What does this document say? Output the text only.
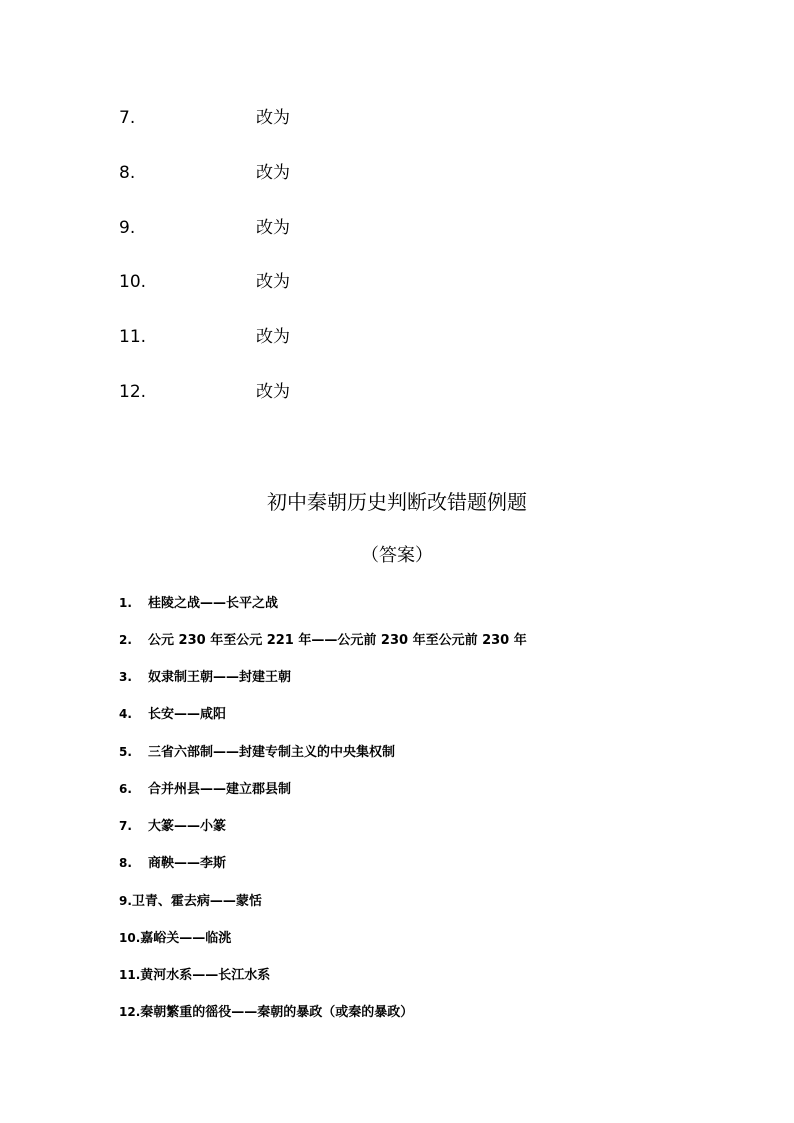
7.	改为
8.	改为
9.	改为
10.	改为
11.	改为
12.	改为
初中秦朝历史判断改错题例题
（答案）
1. 桂陵之战——长平之战
2. 公元 230 年至公元 221 年——公元前 230 年至公元前 230 年
3. 奴隶制王朝——封建王朝
4. 长安——咸阳
5. 三省六部制——封建专制主义的中央集权制
6. 合并州县——建立郡县制
7. 大篆——小篆
8. 商鞅——李斯
9.卫青、霍去病——蒙恬
10.嘉峪关——临洮
11.黄河水系——长江水系
12.秦朝繁重的徭役——秦朝的暴政（或秦的暴政）
